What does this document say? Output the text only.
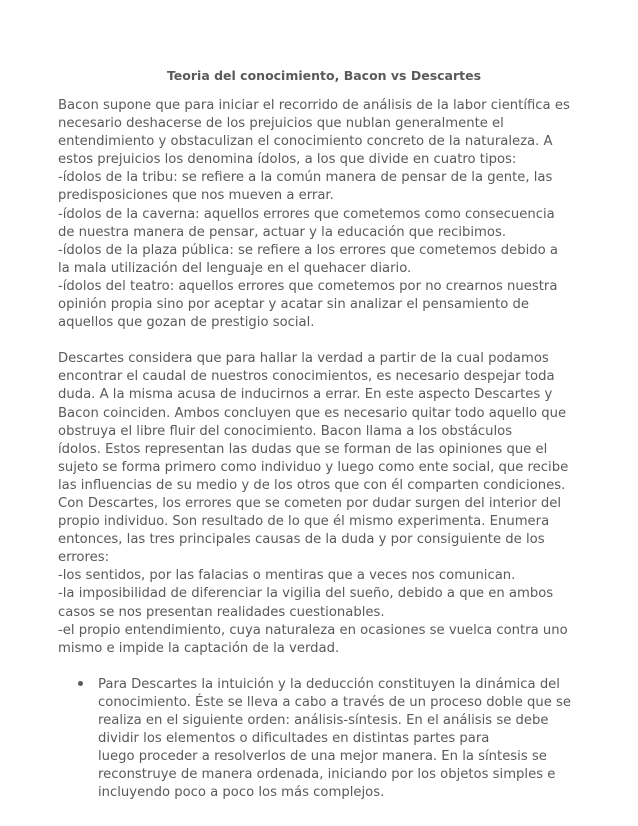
Teoria del conocimiento, Bacon vs Descartes
Bacon supone que para iniciar el recorrido de análisis de la labor científica es
necesario deshacerse de los prejuicios que nublan generalmente el
entendimiento y obstaculizan el conocimiento concreto de la naturaleza. A
estos prejuicios los denomina ídolos, a los que divide en cuatro tipos:
-ídolos de la tribu: se refiere a la común manera de pensar de la gente, las
predisposiciones que nos mueven a errar.
-ídolos de la caverna: aquellos errores que cometemos como consecuencia
de nuestra manera de pensar, actuar y la educación que recibimos.
-ídolos de la plaza pública: se refiere a los errores que cometemos debido a
la mala utilización del lenguaje en el quehacer diario.
-ídolos del teatro: aquellos errores que cometemos por no crearnos nuestra
opinión propia sino por aceptar y acatar sin analizar el pensamiento de
aquellos que gozan de prestigio social.
Descartes considera que para hallar la verdad a partir de la cual podamos
encontrar el caudal de nuestros conocimientos, es necesario despejar toda
duda. A la misma acusa de inducirnos a errar. En este aspecto Descartes y
Bacon coinciden. Ambos concluyen que es necesario quitar todo aquello que
obstruya el libre fluir del conocimiento. Bacon llama a los obstáculos
ídolos. Estos representan las dudas que se forman de las opiniones que el
sujeto se forma primero como individuo y luego como ente social, que recibe
las influencias de su medio y de los otros que con él comparten condiciones.
Con Descartes, los errores que se cometen por dudar surgen del interior del
propio individuo. Son resultado de lo que él mismo experimenta. Enumera
entonces, las tres principales causas de la duda y por consiguiente de los
errores:
-los sentidos, por las falacias o mentiras que a veces nos comunican.
-la imposibilidad de diferenciar la vigilia del sueño, debido a que en ambos
casos se nos presentan realidades cuestionables.
-el propio entendimiento, cuya naturaleza en ocasiones se vuelca contra uno
mismo e impide la captación de la verdad.
Para Descartes la intuición y la deducción constituyen la dinámica del
conocimiento. Éste se lleva a cabo a través de un proceso doble que se
realiza en el siguiente orden: análisis-síntesis. En el análisis se debe
dividir los elementos o dificultades en distintas partes para
luego proceder a resolverlos de una mejor manera. En la síntesis se
reconstruye de manera ordenada, iniciando por los objetos simples e
incluyendo poco a poco los más complejos.
